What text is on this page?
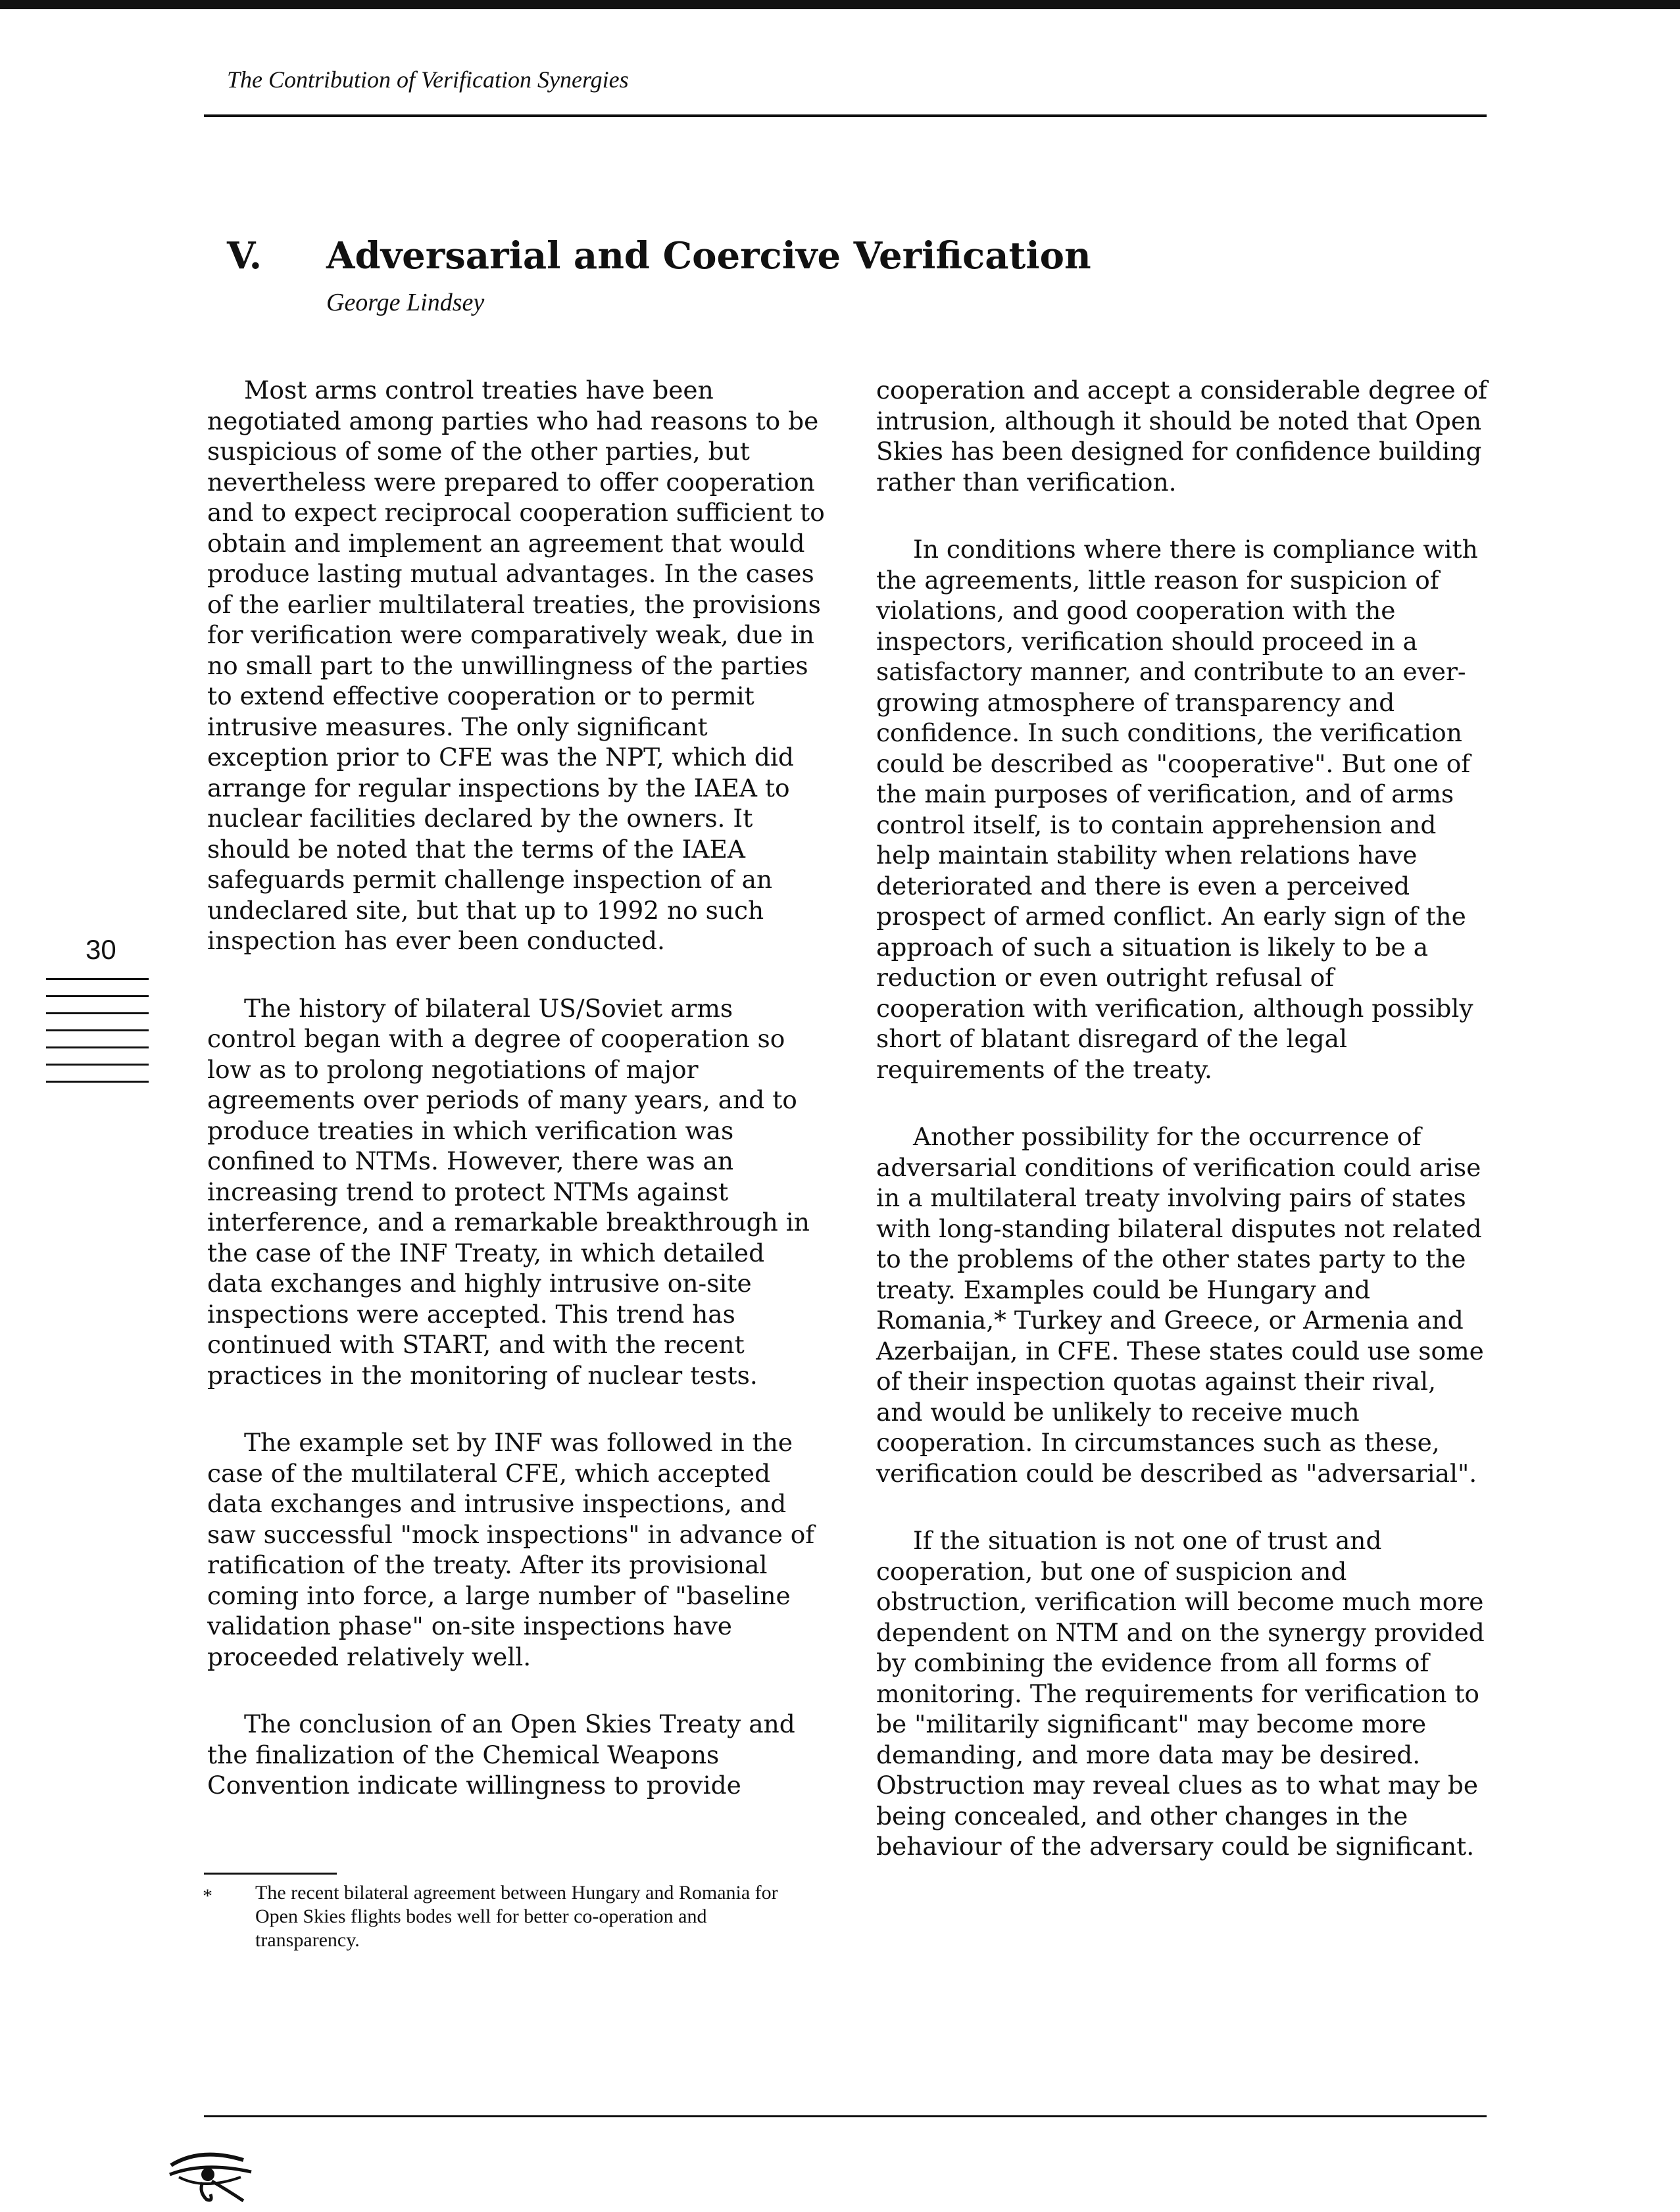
The Contribution of Verification Synergies
V. Adversarial and Coercive Verification
George Lindsey

Most arms control treaties have been negotiated among parties who had reasons to be suspicious of some of the other parties, but nevertheless were prepared to offer cooperation and to expect reciprocal cooperation sufficient to obtain and implement an agreement that would produce lasting mutual advantages. In the cases of the earlier multilateral treaties, the provisions for verification were comparatively weak, due in no small part to the unwillingness of the parties to extend effective cooperation or to permit intrusive measures. The only significant exception prior to CFE was the NPT, which did arrange for regular inspections by the IAEA to nuclear facilities declared by the owners. It should be noted that the terms of the IAEA safeguards permit challenge inspection of an undeclared site, but that up to 1992 no such inspection has ever been conducted.

The history of bilateral US/Soviet arms control began with a degree of cooperation so low as to prolong negotiations of major agreements over periods of many years, and to produce treaties in which verification was confined to NTMs. However, there was an increasing trend to protect NTMs against interference, and a remarkable breakthrough in the case of the INF Treaty, in which detailed data exchanges and highly intrusive on-site inspections were accepted. This trend has continued with START, and with the recent practices in the monitoring of nuclear tests.

The example set by INF was followed in the case of the multilateral CFE, which accepted data exchanges and intrusive inspections, and saw successful "mock inspections" in advance of ratification of the treaty. After its provisional coming into force, a large number of "baseline validation phase" on-site inspections have proceeded relatively well.

The conclusion of an Open Skies Treaty and the finalization of the Chemical Weapons Convention indicate willingness to provide

cooperation and accept a considerable degree of intrusion, although it should be noted that Open Skies has been designed for confidence building rather than verification.

In conditions where there is compliance with the agreements, little reason for suspicion of violations, and good cooperation with the inspectors, verification should proceed in a satisfactory manner, and contribute to an ever-growing atmosphere of transparency and confidence. In such conditions, the verification could be described as "cooperative". But one of the main purposes of verification, and of arms control itself, is to contain apprehension and help maintain stability when relations have deteriorated and there is even a perceived prospect of armed conflict. An early sign of the approach of such a situation is likely to be a reduction or even outright refusal of cooperation with verification, although possibly short of blatant disregard of the legal requirements of the treaty.

Another possibility for the occurrence of adversarial conditions of verification could arise in a multilateral treaty involving pairs of states with long-standing bilateral disputes not related to the problems of the other states party to the treaty. Examples could be Hungary and Romania,* Turkey and Greece, or Armenia and Azerbaijan, in CFE. These states could use some of their inspection quotas against their rival, and would be unlikely to receive much cooperation. In circumstances such as these, verification could be described as "adversarial".

If the situation is not one of trust and cooperation, but one of suspicion and obstruction, verification will become much more dependent on NTM and on the synergy provided by combining the evidence from all forms of monitoring. The requirements for verification to be "militarily significant" may become more demanding, and more data may be desired. Obstruction may reveal clues as to what may be being concealed, and other changes in the behaviour of the adversary could be significant.

30
* The recent bilateral agreement between Hungary and Romania for Open Skies flights bodes well for better co-operation and transparency.
